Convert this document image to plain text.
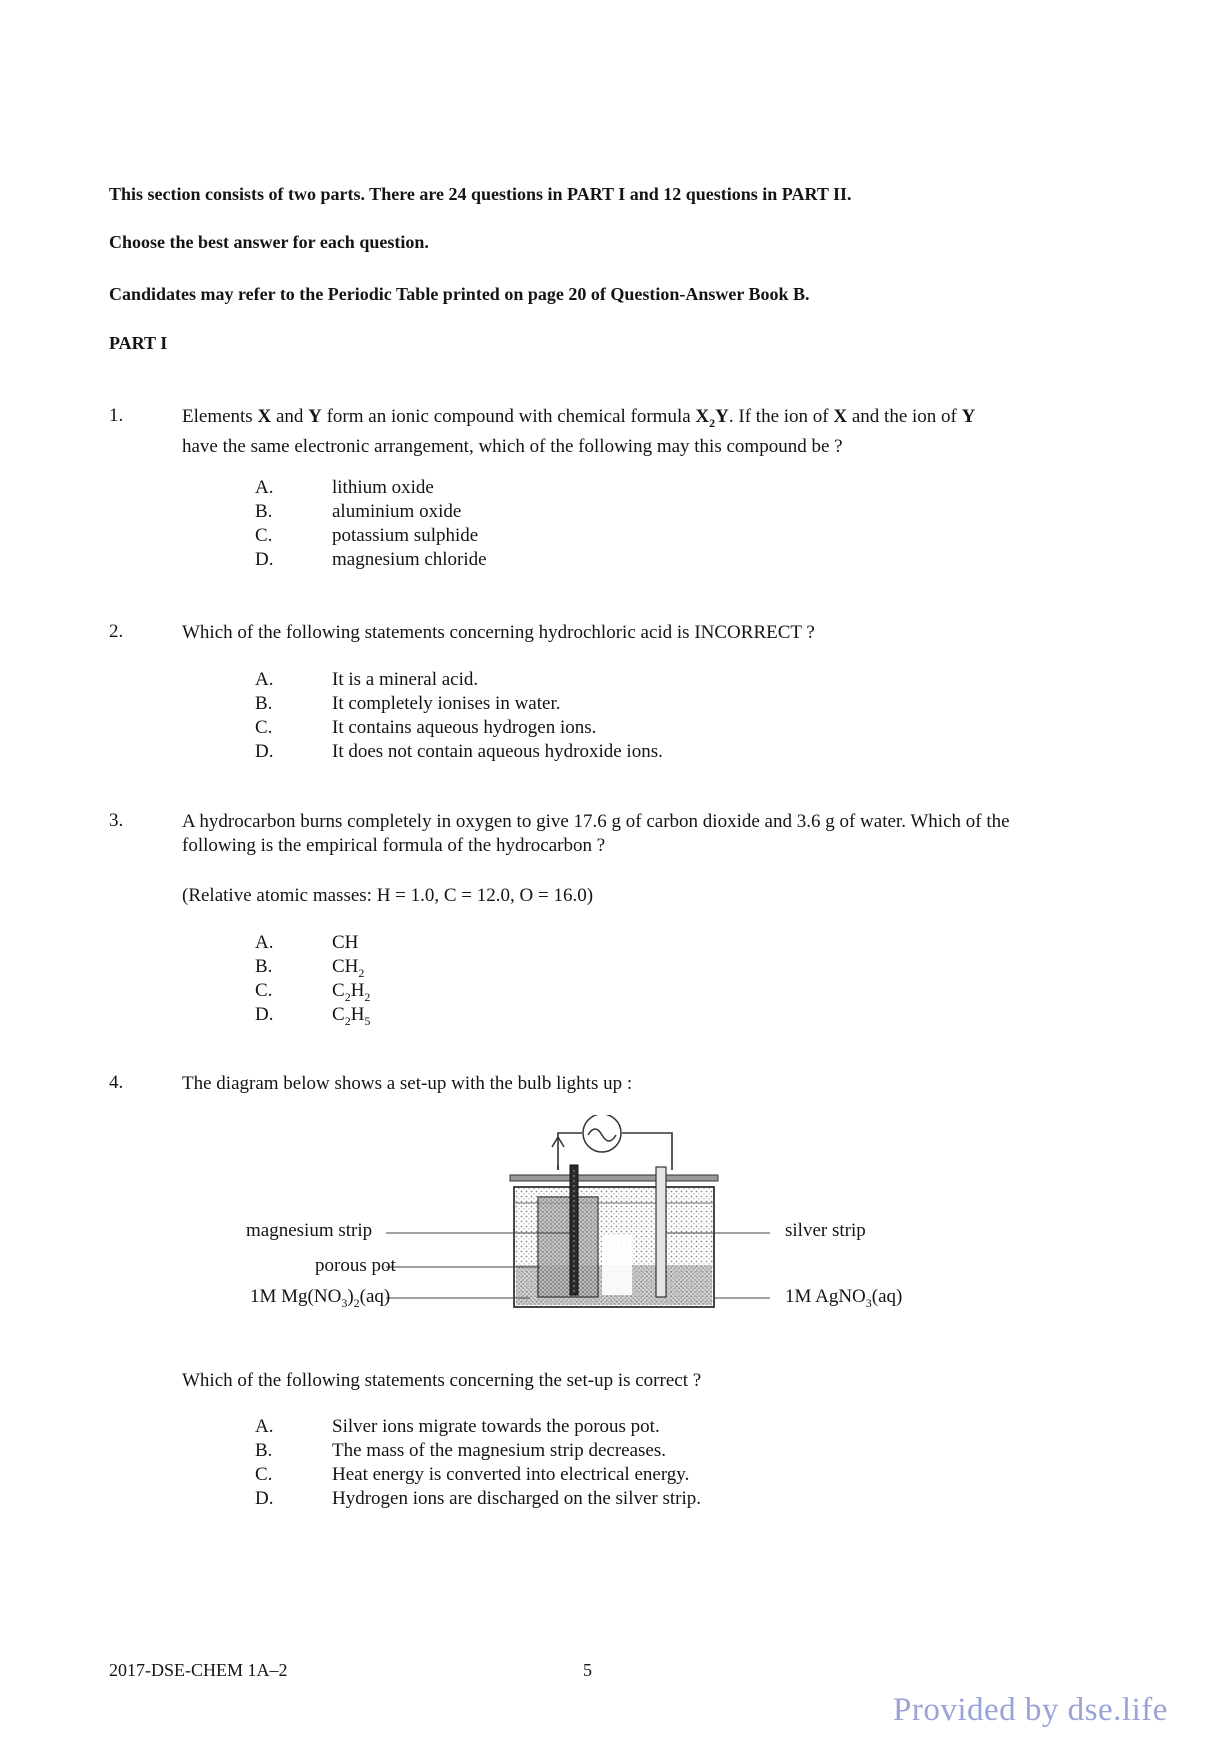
This section consists of two parts. There are 24 questions in PART I and 12 questions in PART II.
Choose the best answer for each question.
Candidates may refer to the Periodic Table printed on page 20 of Question-Answer Book B.
PART I
1.	Elements X and Y form an ionic compound with chemical formula $X_2Y$. If the ion of X and the ion of Y
have the same electronic arrangement, which of the following may this compound be ?
A.	lithium oxide
B.	aluminium oxide
C.	potassium sulphide
D.	magnesium chloride
2.	Which of the following statements concerning hydrochloric acid is INCORRECT ?
A.	It is a mineral acid.
B.	It completely ionises in water.
C.	It contains aqueous hydrogen ions.
D.	It does not contain aqueous hydroxide ions.
3.	A hydrocarbon burns completely in oxygen to give 17.6 g of carbon dioxide and 3.6 g of water. Which of the following is the empirical formula of the hydrocarbon ?
(Relative atomic masses: H = 1.0, C = 12.0, O = 16.0)
A.	CH
B.	$CH_2$
C.	$C_2H_2$
D.	$C_2H_5$
4.	The diagram below shows a set-up with the bulb lights up :
magnesium strip
porous pot
1M $Mg(NO_3)_2(aq)$
silver strip
1M AgNO$_3$(aq)
Which of the following statements concerning the set-up is correct ?
A.	Silver ions migrate towards the porous pot.
B.	The mass of the magnesium strip decreases.
C.	Heat energy is converted into electrical energy.
D.	Hydrogen ions are discharged on the silver strip.
2017-DSE-CHEM 1A–2	5
Provided by dse.life
